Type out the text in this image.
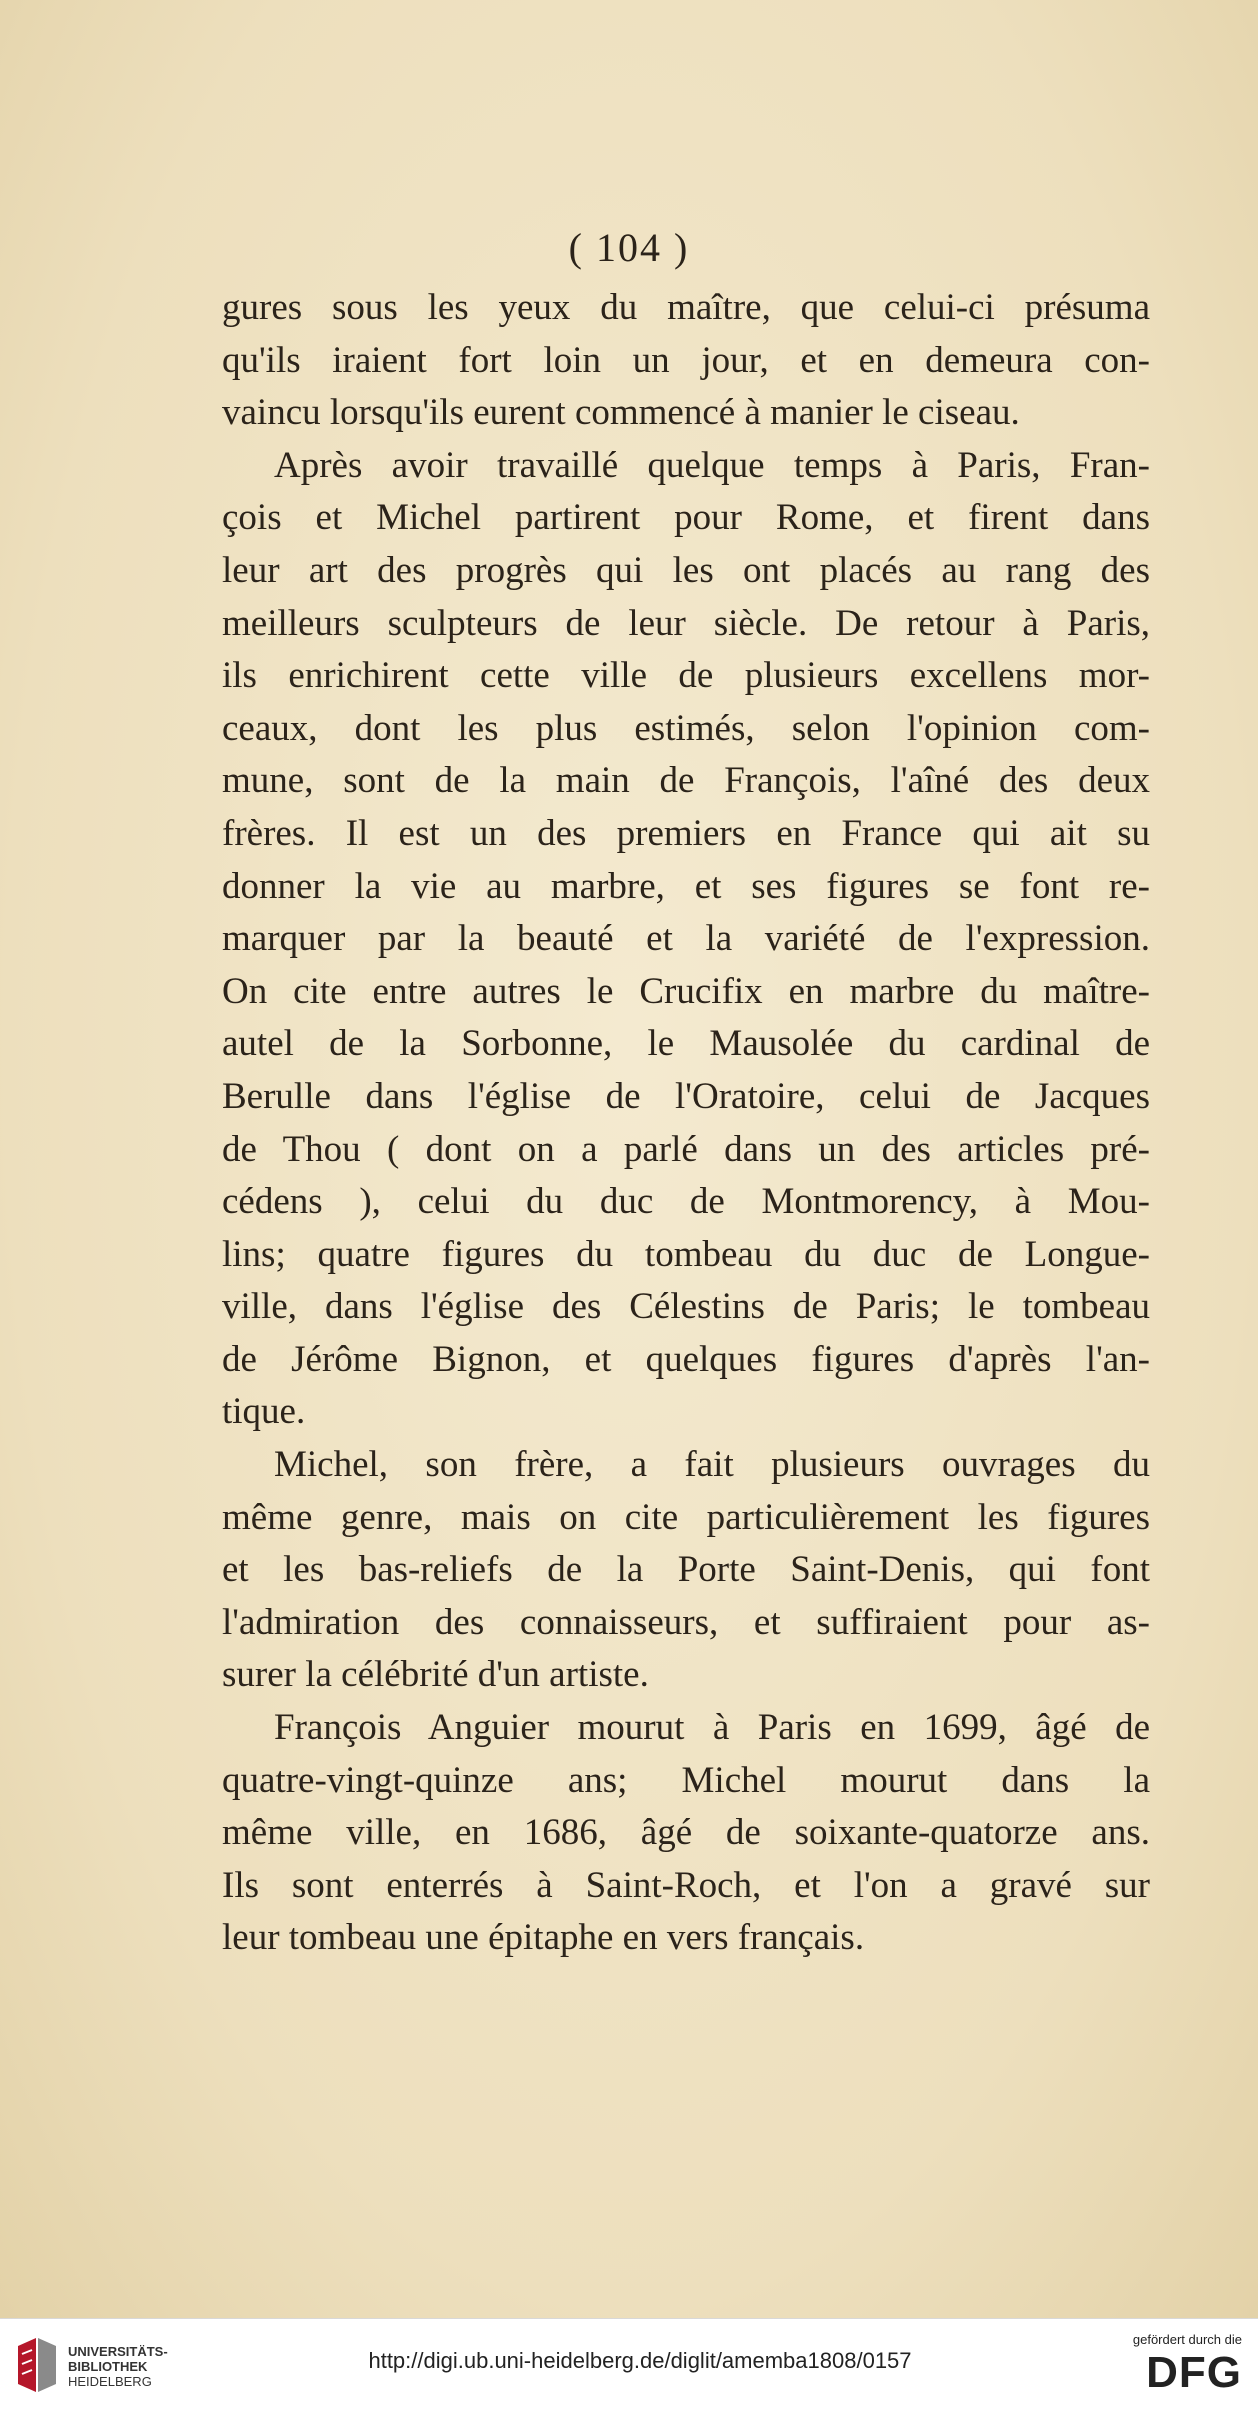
( 104 )
gures sous les yeux du maître, que celui-ci présuma
qu'ils iraient fort loin un jour, et en demeura con-
vaincu lorsqu'ils eurent commencé à manier le ciseau.
Après avoir travaillé quelque temps à Paris, Fran-
çois et Michel partirent pour Rome, et firent dans
leur art des progrès qui les ont placés au rang des
meilleurs sculpteurs de leur siècle. De retour à Paris,
ils enrichirent cette ville de plusieurs excellens mor-
ceaux, dont les plus estimés, selon l'opinion com-
mune, sont de la main de François, l'aîné des deux
frères. Il est un des premiers en France qui ait su
donner la vie au marbre, et ses figures se font re-
marquer par la beauté et la variété de l'expression.
On cite entre autres le Crucifix en marbre du maître-
autel de la Sorbonne, le Mausolée du cardinal de
Berulle dans l'église de l'Oratoire, celui de Jacques
de Thou ( dont on a parlé dans un des articles pré-
cédens ), celui du duc de Montmorency, à Mou-
lins; quatre figures du tombeau du duc de Longue-
ville, dans l'église des Célestins de Paris; le tombeau
de Jérôme Bignon, et quelques figures d'après l'an-
tique.
Michel, son frère, a fait plusieurs ouvrages du
même genre, mais on cite particulièrement les figures
et les bas-reliefs de la Porte Saint-Denis, qui font
l'admiration des connaisseurs, et suffiraient pour as-
surer la célébrité d'un artiste.
François Anguier mourut à Paris en 1699, âgé de
quatre-vingt-quinze ans; Michel mourut dans la
même ville, en 1686, âgé de soixante-quatorze ans.
Ils sont enterrés à Saint-Roch, et l'on a gravé sur
leur tombeau une épitaphe en vers français.
UNIVERSITÄTS-
BIBLIOTHEK
HEIDELBERG
http://digi.ub.uni-heidelberg.de/diglit/amemba1808/0157
gefördert durch die
DFG
